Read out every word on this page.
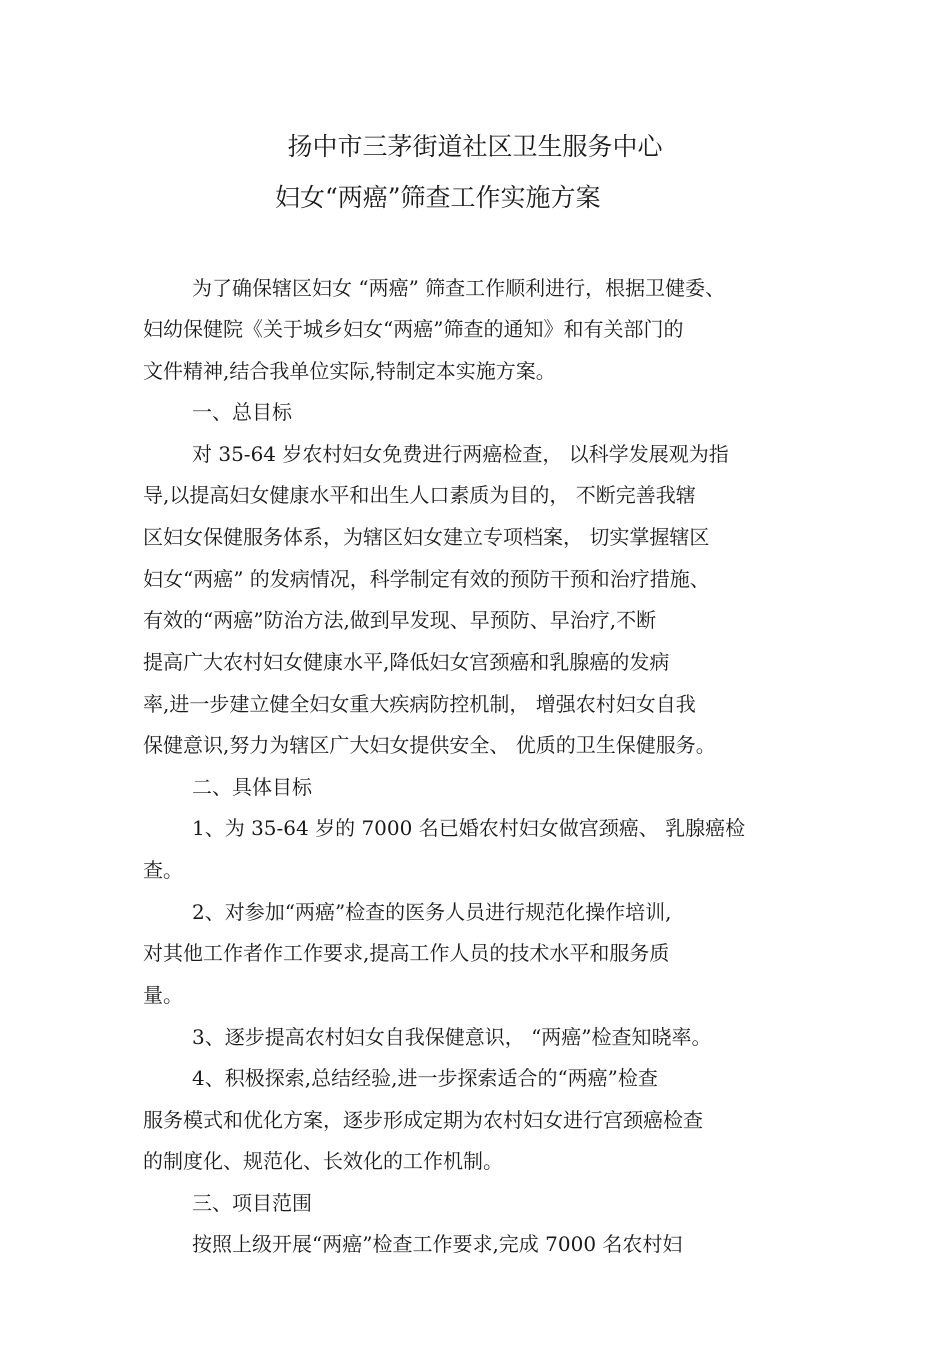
扬中市三茅街道社区卫生服务中心
妇女“两癌”筛查工作实施方案
为了确保辖区妇女 “两癌” 筛查工作顺利进行，根据卫健委、
妇幼保健院《关于城乡妇女“两癌”筛查的通知》和有关部门的
文件精神,结合我单位实际,特制定本实施方案。
一、总目标
对 35-64 岁农村妇女免费进行两癌检查， 以科学发展观为指
导,以提高妇女健康水平和出生人口素质为目的， 不断完善我辖
区妇女保健服务体系，为辖区妇女建立专项档案， 切实掌握辖区
妇女“两癌” 的发病情况，科学制定有效的预防干预和治疗措施、
有效的“两癌”防治方法,做到早发现、早预防、早治疗,不断
提高广大农村妇女健康水平,降低妇女宫颈癌和乳腺癌的发病
率,进一步建立健全妇女重大疾病防控机制， 增强农村妇女自我
保健意识,努力为辖区广大妇女提供安全、 优质的卫生保健服务。
二、具体目标
1、为 35-64 岁的 7000 名已婚农村妇女做宫颈癌、 乳腺癌检
查。
2、对参加“两癌”检查的医务人员进行规范化操作培训,
对其他工作者作工作要求,提高工作人员的技术水平和服务质
量。
3、逐步提高农村妇女自我保健意识， “两癌”检查知晓率。
4、积极探索,总结经验,进一步探索适合的“两癌”检查
服务模式和优化方案，逐步形成定期为农村妇女进行宫颈癌检查
的制度化、规范化、长效化的工作机制。
三、项目范围
按照上级开展“两癌”检查工作要求,完成 7000 名农村妇
